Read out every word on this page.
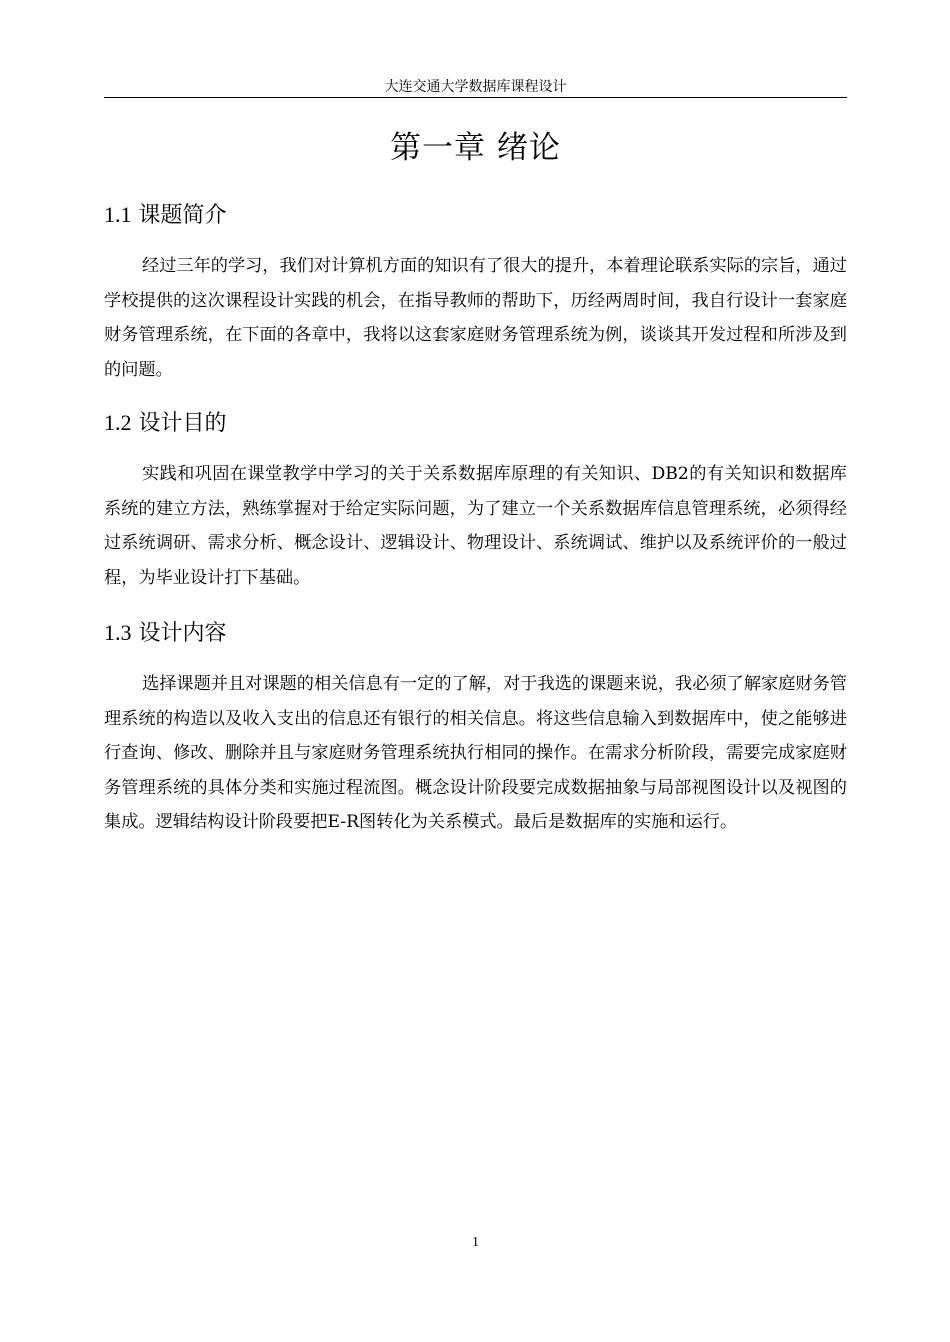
大连交通大学数据库课程设计
第一章 绪论
1.1 课题简介
经过三年的学习，我们对计算机方面的知识有了很大的提升，本着理论联系实际的宗旨，通过学校提供的这次课程设计实践的机会，在指导教师的帮助下，历经两周时间，我自行设计一套家庭财务管理系统，在下面的各章中，我将以这套家庭财务管理系统为例，谈谈其开发过程和所涉及到的问题。
1.2 设计目的
实践和巩固在课堂教学中学习的关于关系数据库原理的有关知识、DB2的有关知识和数据库系统的建立方法，熟练掌握对于给定实际问题，为了建立一个关系数据库信息管理系统，必须得经过系统调研、需求分析、概念设计、逻辑设计、物理设计、系统调试、维护以及系统评价的一般过程，为毕业设计打下基础。
1.3 设计内容
选择课题并且对课题的相关信息有一定的了解，对于我选的课题来说，我必须了解家庭财务管理系统的构造以及收入支出的信息还有银行的相关信息。将这些信息输入到数据库中，使之能够进行查询、修改、删除并且与家庭财务管理系统执行相同的操作。在需求分析阶段，需要完成家庭财务管理系统的具体分类和实施过程流图。概念设计阶段要完成数据抽象与局部视图设计以及视图的集成。逻辑结构设计阶段要把E-R图转化为关系模式。最后是数据库的实施和运行。
1
